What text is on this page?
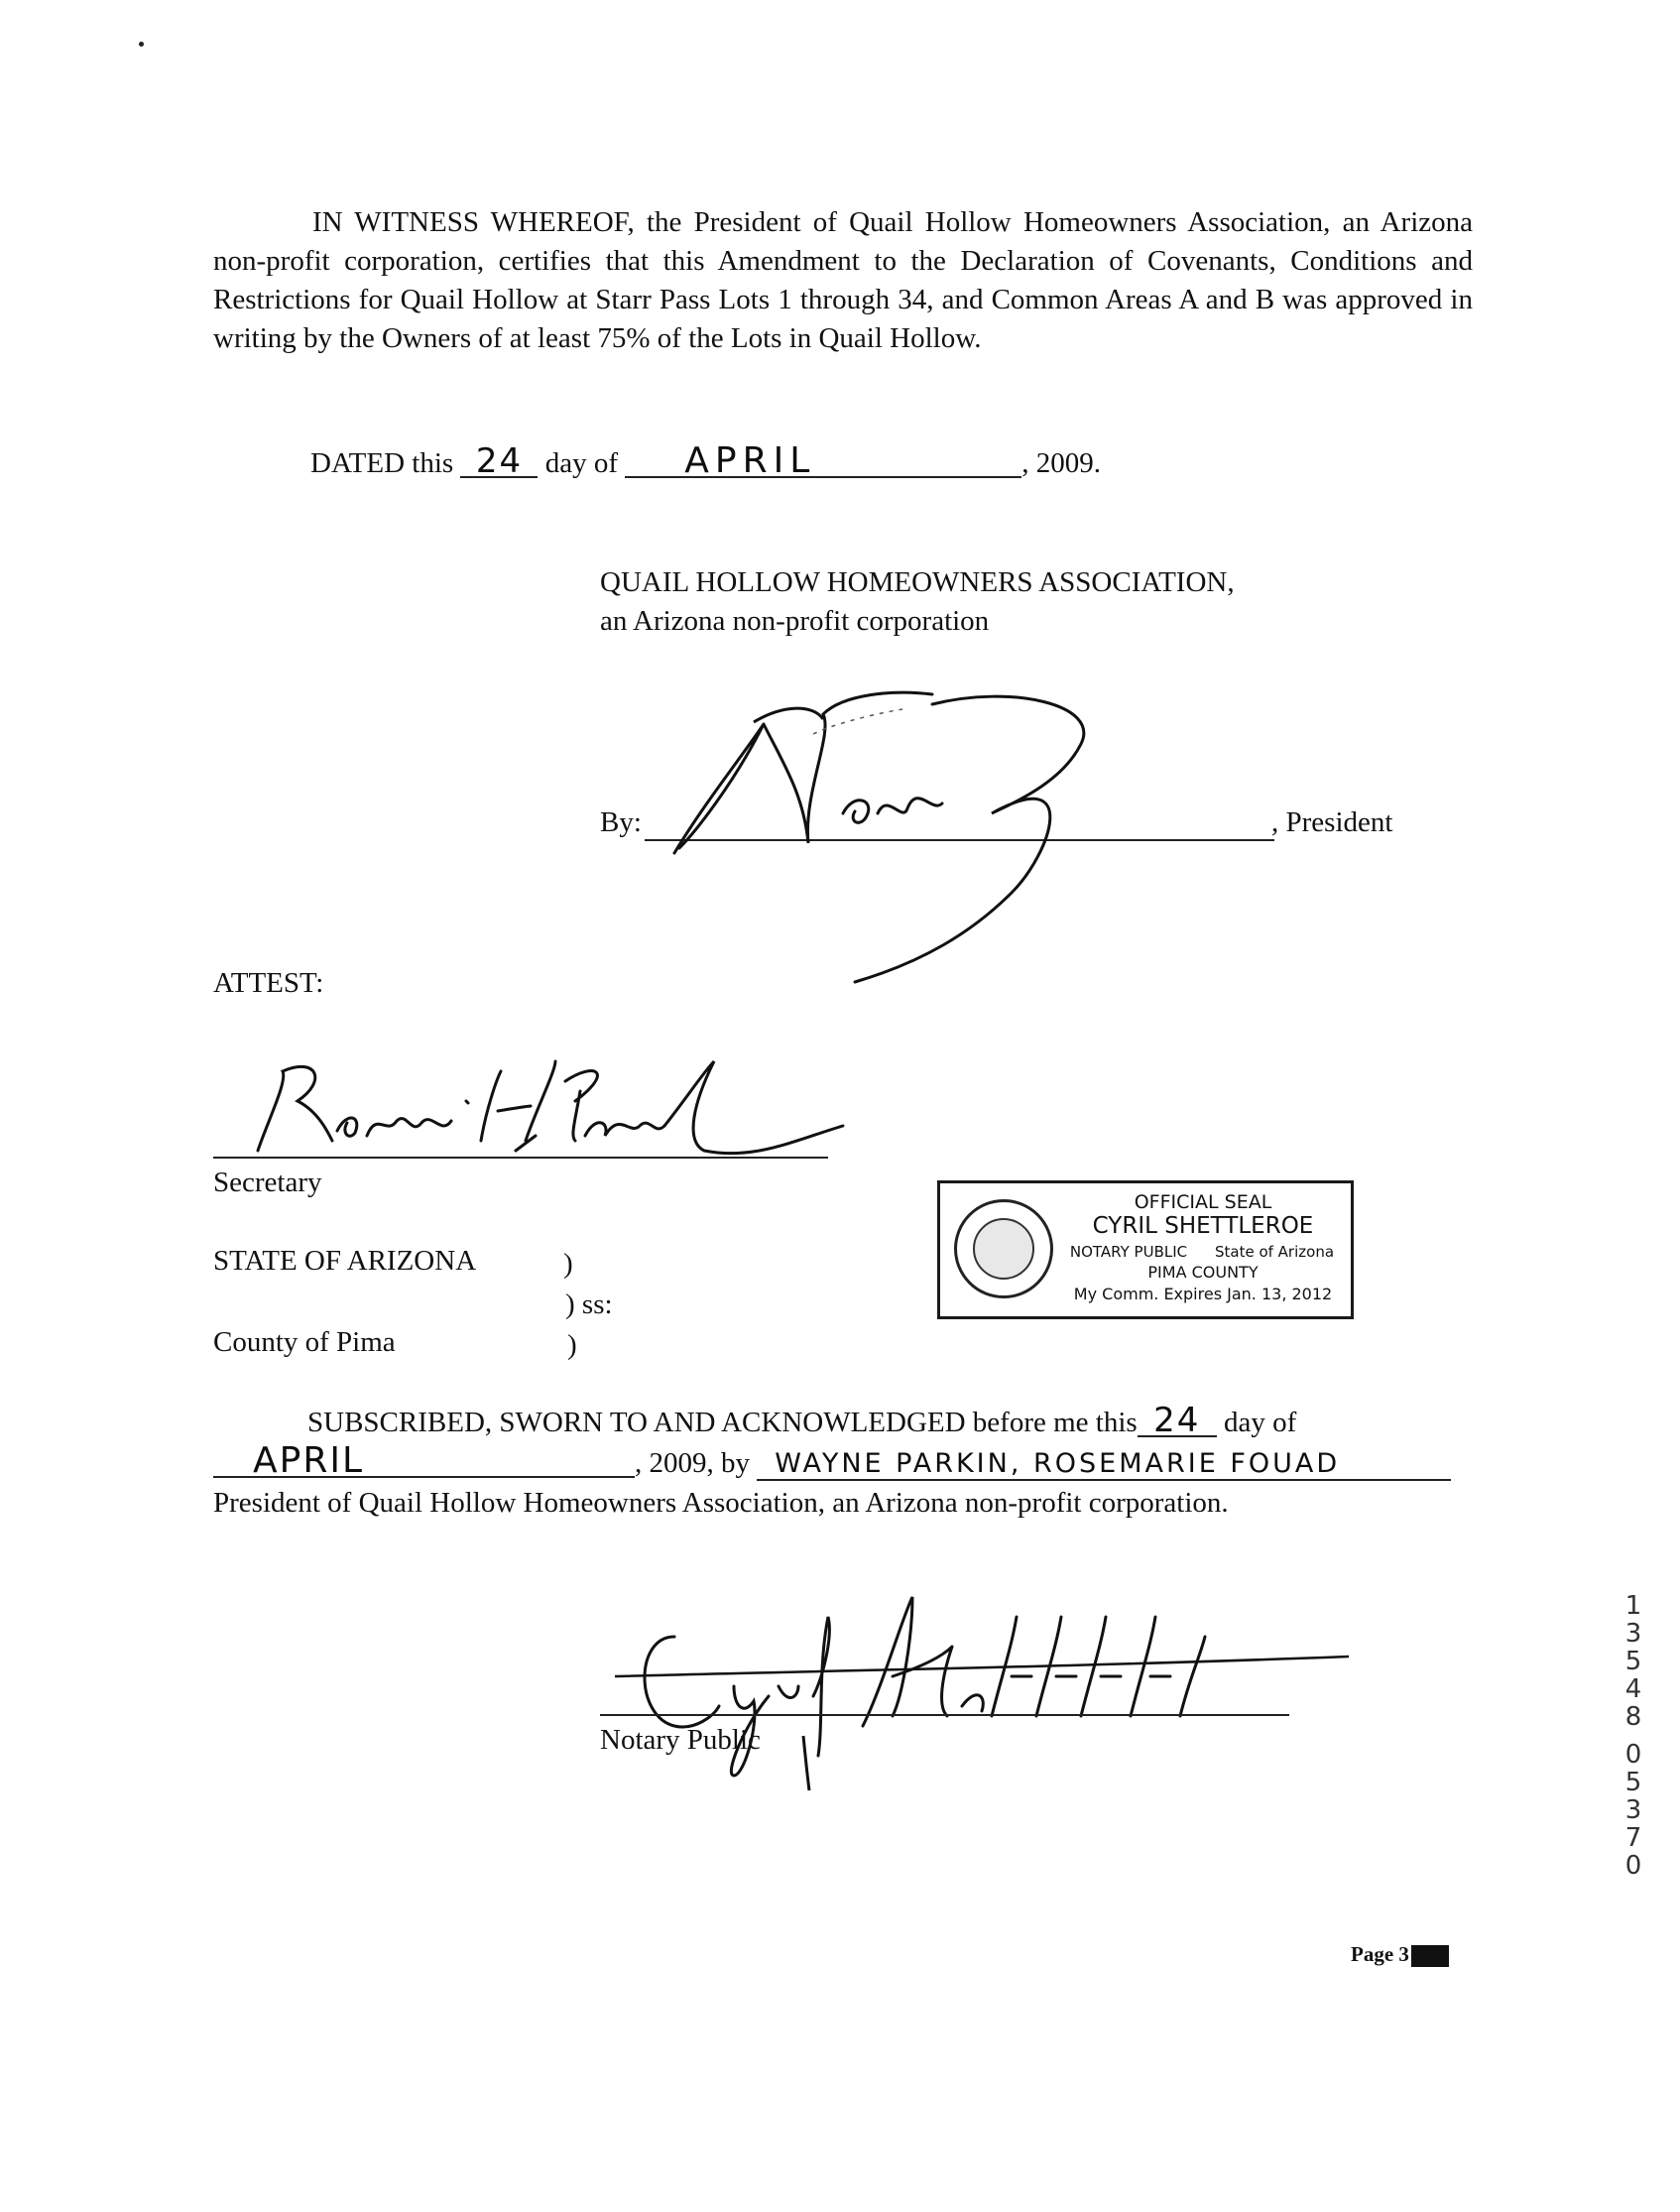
IN WITNESS WHEREOF, the President of Quail Hollow Homeowners Association, an Arizona non-profit corporation, certifies that this Amendment to the Declaration of Covenants, Conditions and Restrictions for Quail Hollow at Starr Pass Lots 1 through 34, and Common Areas A and B was approved in writing by the Owners of at least 75% of the Lots in Quail Hollow.
DATED this 24 day of APRIL	, 2009.
QUAIL HOLLOW HOMEOWNERS ASSOCIATION,
an Arizona non-profit corporation
By:	, President
ATTEST:
Secretary
STATE OF ARIZONA	)
) ss:
County of Pima	)
OFFICIAL SEAL
CYRIL SHETTLEROE
NOTARY PUBLIC	State of Arizona
PIMA COUNTY
My Comm. Expires Jan. 13, 2012
SUBSCRIBED, SWORN TO AND ACKNOWLEDGED before me this 24 day of
APRIL	, 2009, by WAYNE PARKIN, ROSEMARIE FOUAD
President of Quail Hollow Homeowners Association, an Arizona non-profit corporation.
Notary Public
1
3
5
4
8
0
5
3
7
0
Page 3
